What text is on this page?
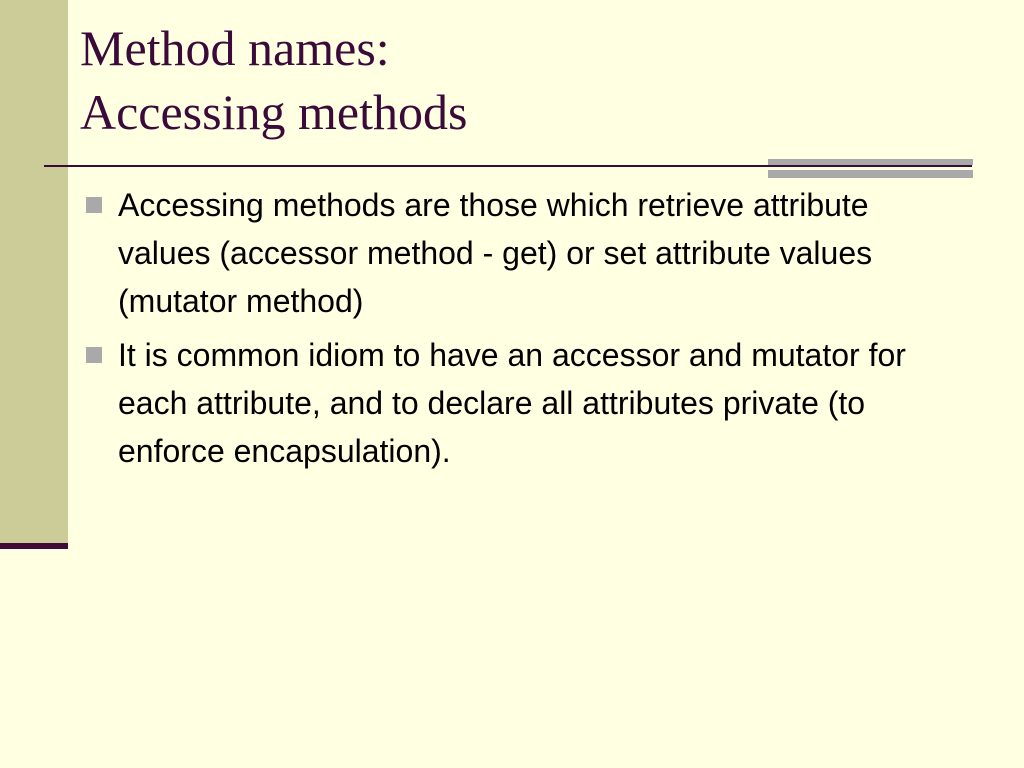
Method names:
Accessing methods
Accessing methods are those which retrieve attribute values (accessor method - get) or set attribute values (mutator method)
It is common idiom to have an accessor and mutator for each attribute, and to declare all attributes private (to enforce encapsulation).
